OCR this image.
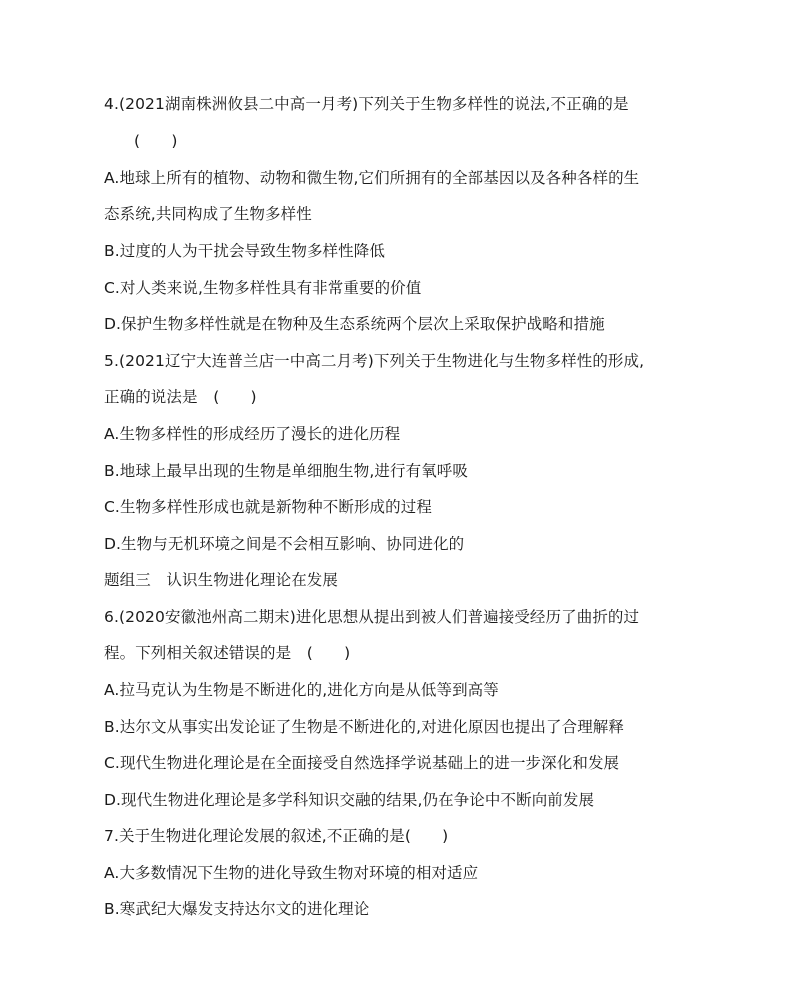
4.(2021湖南株洲攸县二中高一月考)下列关于生物多样性的说法,不正确的是
(　　)
A.地球上所有的植物、动物和微生物,它们所拥有的全部基因以及各种各样的生
态系统,共同构成了生物多样性
B.过度的人为干扰会导致生物多样性降低
C.对人类来说,生物多样性具有非常重要的价值
D.保护生物多样性就是在物种及生态系统两个层次上采取保护战略和措施
5.(2021辽宁大连普兰店一中高二月考)下列关于生物进化与生物多样性的形成,
正确的说法是　(　　)
A.生物多样性的形成经历了漫长的进化历程
B.地球上最早出现的生物是单细胞生物,进行有氧呼吸
C.生物多样性形成也就是新物种不断形成的过程
D.生物与无机环境之间是不会相互影响、协同进化的
题组三　认识生物进化理论在发展
6.(2020安徽池州高二期末)进化思想从提出到被人们普遍接受经历了曲折的过
程。下列相关叙述错误的是　(　　)
A.拉马克认为生物是不断进化的,进化方向是从低等到高等
B.达尔文从事实出发论证了生物是不断进化的,对进化原因也提出了合理解释
C.现代生物进化理论是在全面接受自然选择学说基础上的进一步深化和发展
D.现代生物进化理论是多学科知识交融的结果,仍在争论中不断向前发展
7.关于生物进化理论发展的叙述,不正确的是(　　)
A.大多数情况下生物的进化导致生物对环境的相对适应
B.寒武纪大爆发支持达尔文的进化理论
